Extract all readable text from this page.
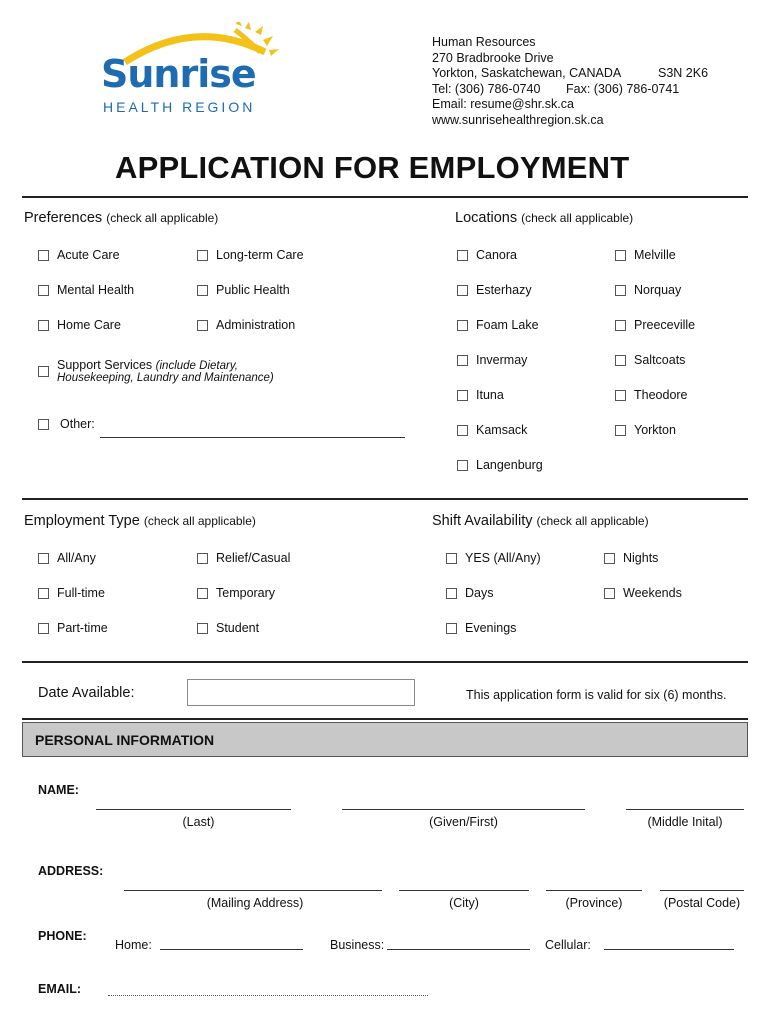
Sunrise
HEALTH REGION
Human Resources
270 Bradbrooke Drive
Yorkton, Saskatchewan, CANADA	S3N 2K6
Tel: (306) 786-0740 Fax: (306) 786-0741
Email: resume@shr.sk.ca
www.sunrisehealthregion.sk.ca
APPLICATION FOR EMPLOYMENT
Preferences (check all applicable)
Acute Care	Long-term Care
Mental Health	Public Health
Home Care	Administration
Support Services (include Dietary,
Housekeeping, Laundry and Maintenance)
Other:
Locations (check all applicable)
Canora	Melville
Esterhazy	Norquay
Foam Lake	Preeceville
Invermay	Saltcoats
Ituna	Theodore
Kamsack	Yorkton
Langenburg
Employment Type (check all applicable)
All/Any	Relief/Casual
Full-time	Temporary
Part-time	Student
Shift Availability (check all applicable)
YES (All/Any)	Nights
Days	Weekends
Evenings
Date Available:	This application form is valid for six (6) months.
PERSONAL INFORMATION
NAME:
(Last)	(Given/First)	(Middle Inital)
ADDRESS:
(Mailing Address)	(City)	(Province)	(Postal Code)
PHONE:
Home:	Business:	Cellular:
EMAIL:
